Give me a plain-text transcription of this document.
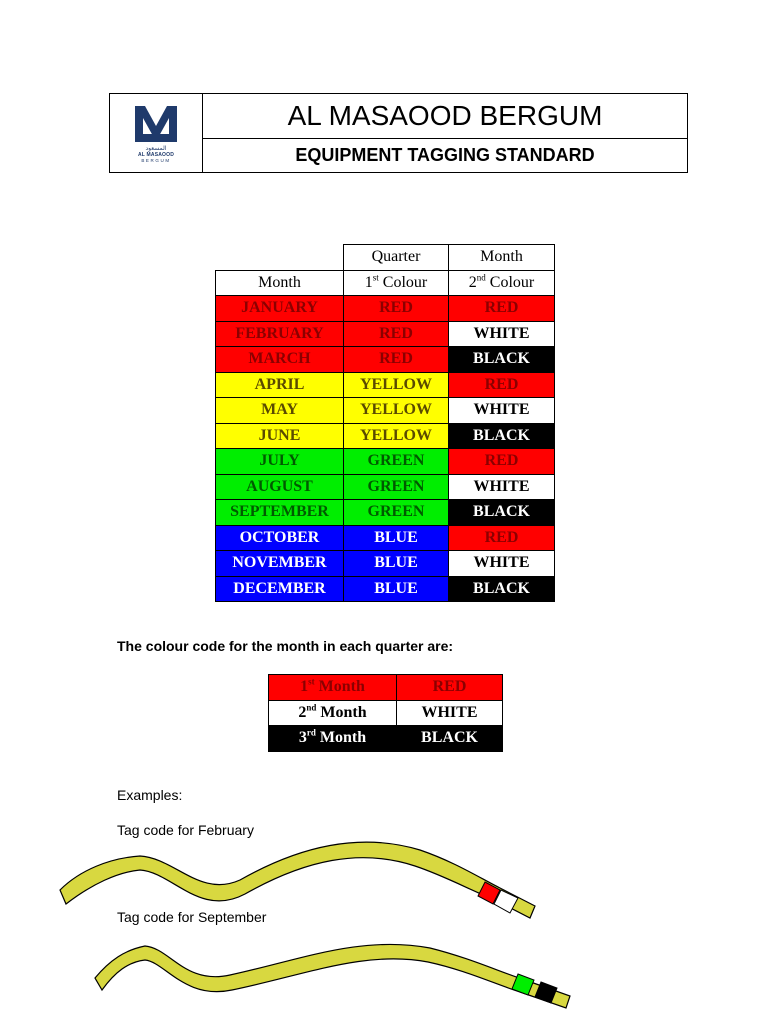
المسعود
AL MASAOOD
BERGUM
AL MASAOOD BERGUM
EQUIPMENT TAGGING STANDARD
	Quarter	Month
Month	1st Colour	2nd Colour
JANUARY	RED	RED
FEBRUARY	RED	WHITE
MARCH	RED	BLACK
APRIL	YELLOW	RED
MAY	YELLOW	WHITE
JUNE	YELLOW	BLACK
JULY	GREEN	RED
AUGUST	GREEN	WHITE
SEPTEMBER	GREEN	BLACK
OCTOBER	BLUE	RED
NOVEMBER	BLUE	WHITE
DECEMBER	BLUE	BLACK
The colour code for the month in each quarter are:
1st Month	RED
2nd Month	WHITE
3rd Month	BLACK
Examples:
Tag code for February
Tag code for September
